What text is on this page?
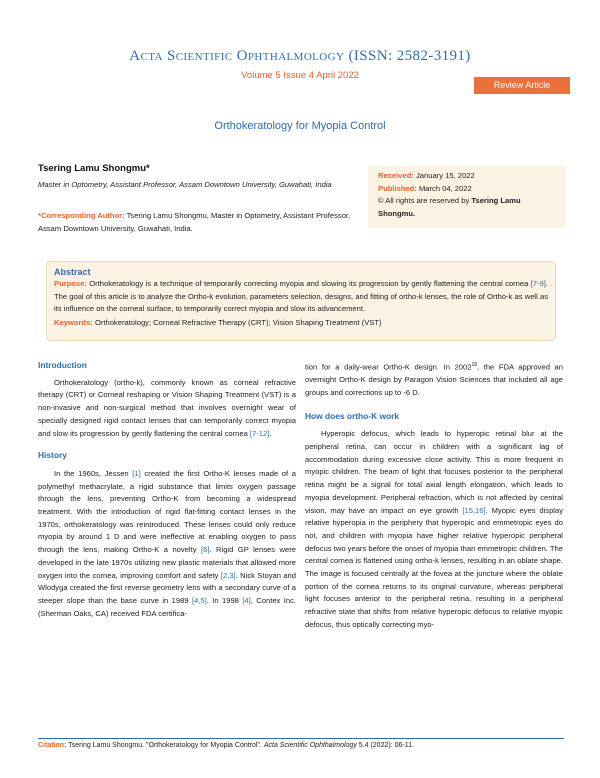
Acta Scientific Ophthalmology (ISSN: 2582-3191)
Volume 5 Issue 4 April 2022
Review Article
Orthokeratology for Myopia Control
Tsering Lamu Shongmu*
Master in Optometry, Assistant Professor, Assam Downtown University, Guwahati, India
*Corresponding Author: Tsering Lamu Shongmu, Master in Optometry, Assistant Professor, Assam Downtown University, Guwahati, India.
Received: January 15, 2022
Published: March 04, 2022
© All rights are reserved by Tsering Lamu Shongmu.
Abstract
Purpose: Orthokeratology is a technique of temporarily correcting myopia and slowing its progression by gently flattening the central cornea [7-9]. The goal of this article is to analyze the Ortho-k evolution, parameters selection, designs, and fitting of ortho-k lenses, the role of Ortho-k as well as its influence on the corneal surface, to temporarily correct myopia and slow its advancement.
Keywords: Orthokeratology; Corneal Refractive Therapy (CRT); Vision Shaping Treatment (VST)
Introduction

Orthokeratology (ortho-k), commonly known as corneal refractive therapy (CRT) or Corneal reshaping or Vision Shaping Treatment (VST) is a non-invasive and non-surgical method that involves overnight wear of specially designed rigid contact lenses that can temporarily correct myopia and slow its progression by gently flattening the central cornea [7-12].

History

In the 1960s, Jessen [1] created the first Ortho-K lenses made of a polymethyl methacrylate, a rigid substance that limits oxygen passage through the lens, preventing Ortho-K from becoming a widespread treatment. With the introduction of rigid flat-fitting contact lenses in the 1970s, orthokeratology was reintroduced. These lenses could only reduce myopia by around 1 D and were ineffective at enabling oxygen to pass through the lens, making Ortho-K a novelty [6]. Rigid GP lenses were developed in the late 1970s utilizing new plastic materials that allowed more oxygen into the cornea, improving comfort and safety [2,3]. Nick Stoyan and Wlodyga created the first reverse geometry lens with a secondary curve of a steeper slope than the base curve in 1989 [4,5]. In 1998 [4], Contex Inc. (Sherman Oaks, CA) received FDA certifica-

tion for a daily-wear Ortho-K design. In 2002$^{18}$, the FDA approved an overnight Ortho-K design by Paragon Vision Sciences that included all age groups and corrections up to -6 D.

How does ortho-K work

Hyperopic defocus, which leads to hyperopic retinal blur at the peripheral retina, can occur in children with a significant lag of accommodation during excessive close activity. This is more frequent in myopic children. The beam of light that focuses posterior to the peripheral retina might be a signal for total axial length elongation, which leads to myopia development. Peripheral refraction, which is not affected by central vision, may have an impact on eye growth [15,16]. Myopic eyes display relative hyperopia in the periphery that hyperopic and emmetropic eyes do not, and children with myopia have higher relative hyperopic peripheral defocus two years before the onset of myopia than emmetropic children. The central cornea is flattened using ortho-k lenses, resulting in an oblate shape. The image is focused centrally at the fovea at the juncture where the oblate portion of the cornea returns to its original curvature, whereas peripheral light focuses anterior to the peripheral retina, resulting in a peripheral refractive state that shifts from relative hyperopic defocus to relative myopic defocus, thus optically correcting myo-

Citation: Tsering Lamu Shongmu. "Orthokeratology for Myopia Control". Acta Scientific Ophthalmology 5.4 (2022): 06-11.
